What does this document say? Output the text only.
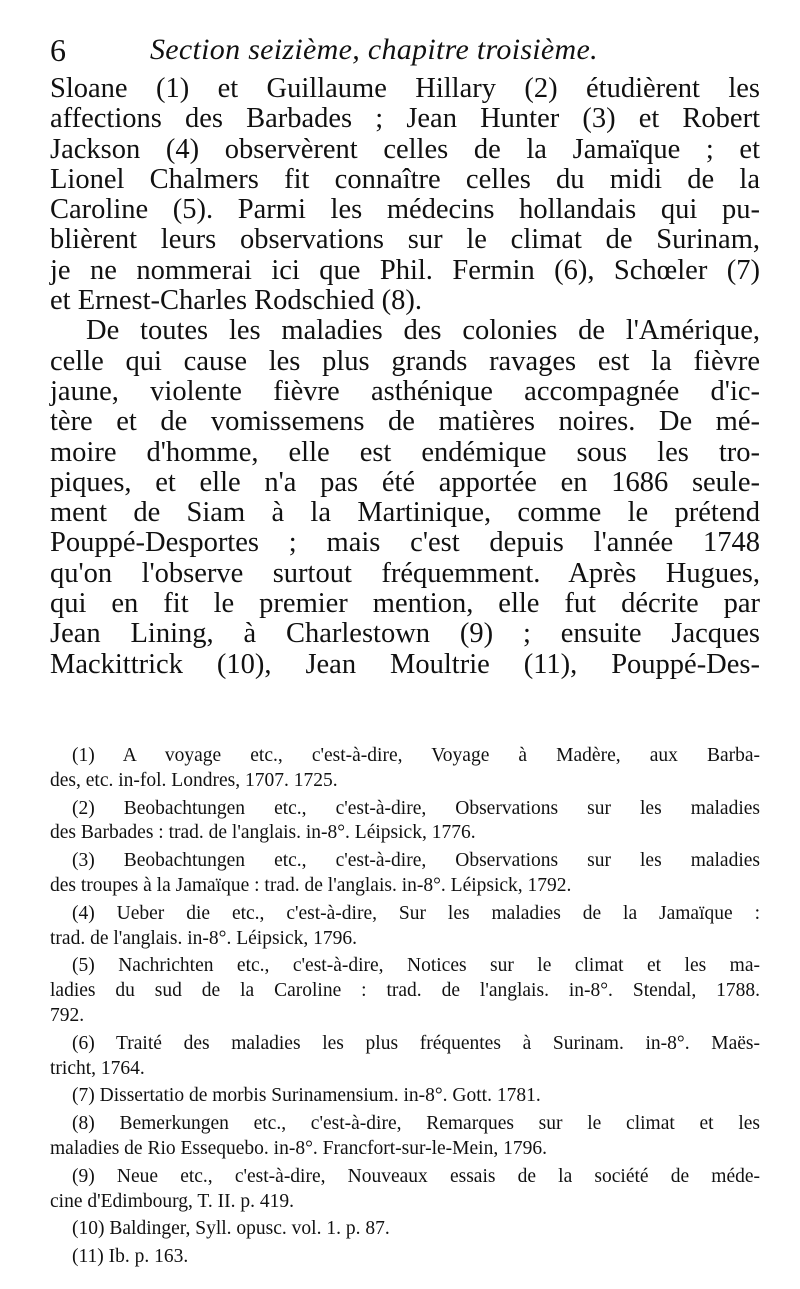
6	Section seizième, chapitre troisième.
Sloane (1) et Guillaume Hillary (2) étudièrent les
affections des Barbades ; Jean Hunter (3) et Robert
Jackson (4) observèrent celles de la Jamaïque ; et
Lionel Chalmers fit connaître celles du midi de la
Caroline (5). Parmi les médecins hollandais qui pu-
blièrent leurs observations sur le climat de Surinam,
je ne nommerai ici que Phil. Fermin (6), Schœler (7)
et Ernest-Charles Rodschied (8).
De toutes les maladies des colonies de l'Amérique,
celle qui cause les plus grands ravages est la fièvre
jaune, violente fièvre asthénique accompagnée d'ic-
tère et de vomissemens de matières noires. De mé-
moire d'homme, elle est endémique sous les tro-
piques, et elle n'a pas été apportée en 1686 seule-
ment de Siam à la Martinique, comme le prétend
Pouppé-Desportes ; mais c'est depuis l'année 1748
qu'on l'observe surtout fréquemment. Après Hugues,
qui en fit le premier mention, elle fut décrite par
Jean Lining, à Charlestown (9) ; ensuite Jacques
Mackittrick (10), Jean Moultrie (11), Pouppé-Des-
(1) A voyage etc., c'est-à-dire, Voyage à Madère, aux Barba-
des, etc. in-fol. Londres, 1707. 1725.
(2) Beobachtungen etc., c'est-à-dire, Observations sur les maladies
des Barbades : trad. de l'anglais. in-8°. Léipsick, 1776.
(3) Beobachtungen etc., c'est-à-dire, Observations sur les maladies
des troupes à la Jamaïque : trad. de l'anglais. in-8°. Léipsick, 1792.
(4) Ueber die etc., c'est-à-dire, Sur les maladies de la Jamaïque :
trad. de l'anglais. in-8°. Léipsick, 1796.
(5) Nachrichten etc., c'est-à-dire, Notices sur le climat et les ma-
ladies du sud de la Caroline : trad. de l'anglais. in-8°. Stendal, 1788.
792.
(6) Traité des maladies les plus fréquentes à Surinam. in-8°. Maës-
tricht, 1764.
(7) Dissertatio de morbis Surinamensium. in-8°. Gott. 1781.
(8) Bemerkungen etc., c'est-à-dire, Remarques sur le climat et les
maladies de Rio Essequebo. in-8°. Francfort-sur-le-Mein, 1796.
(9) Neue etc., c'est-à-dire, Nouveaux essais de la société de méde-
cine d'Edimbourg, T. II. p. 419.
(10) Baldinger, Syll. opusc. vol. 1. p. 87.
(11) Ib. p. 163.
